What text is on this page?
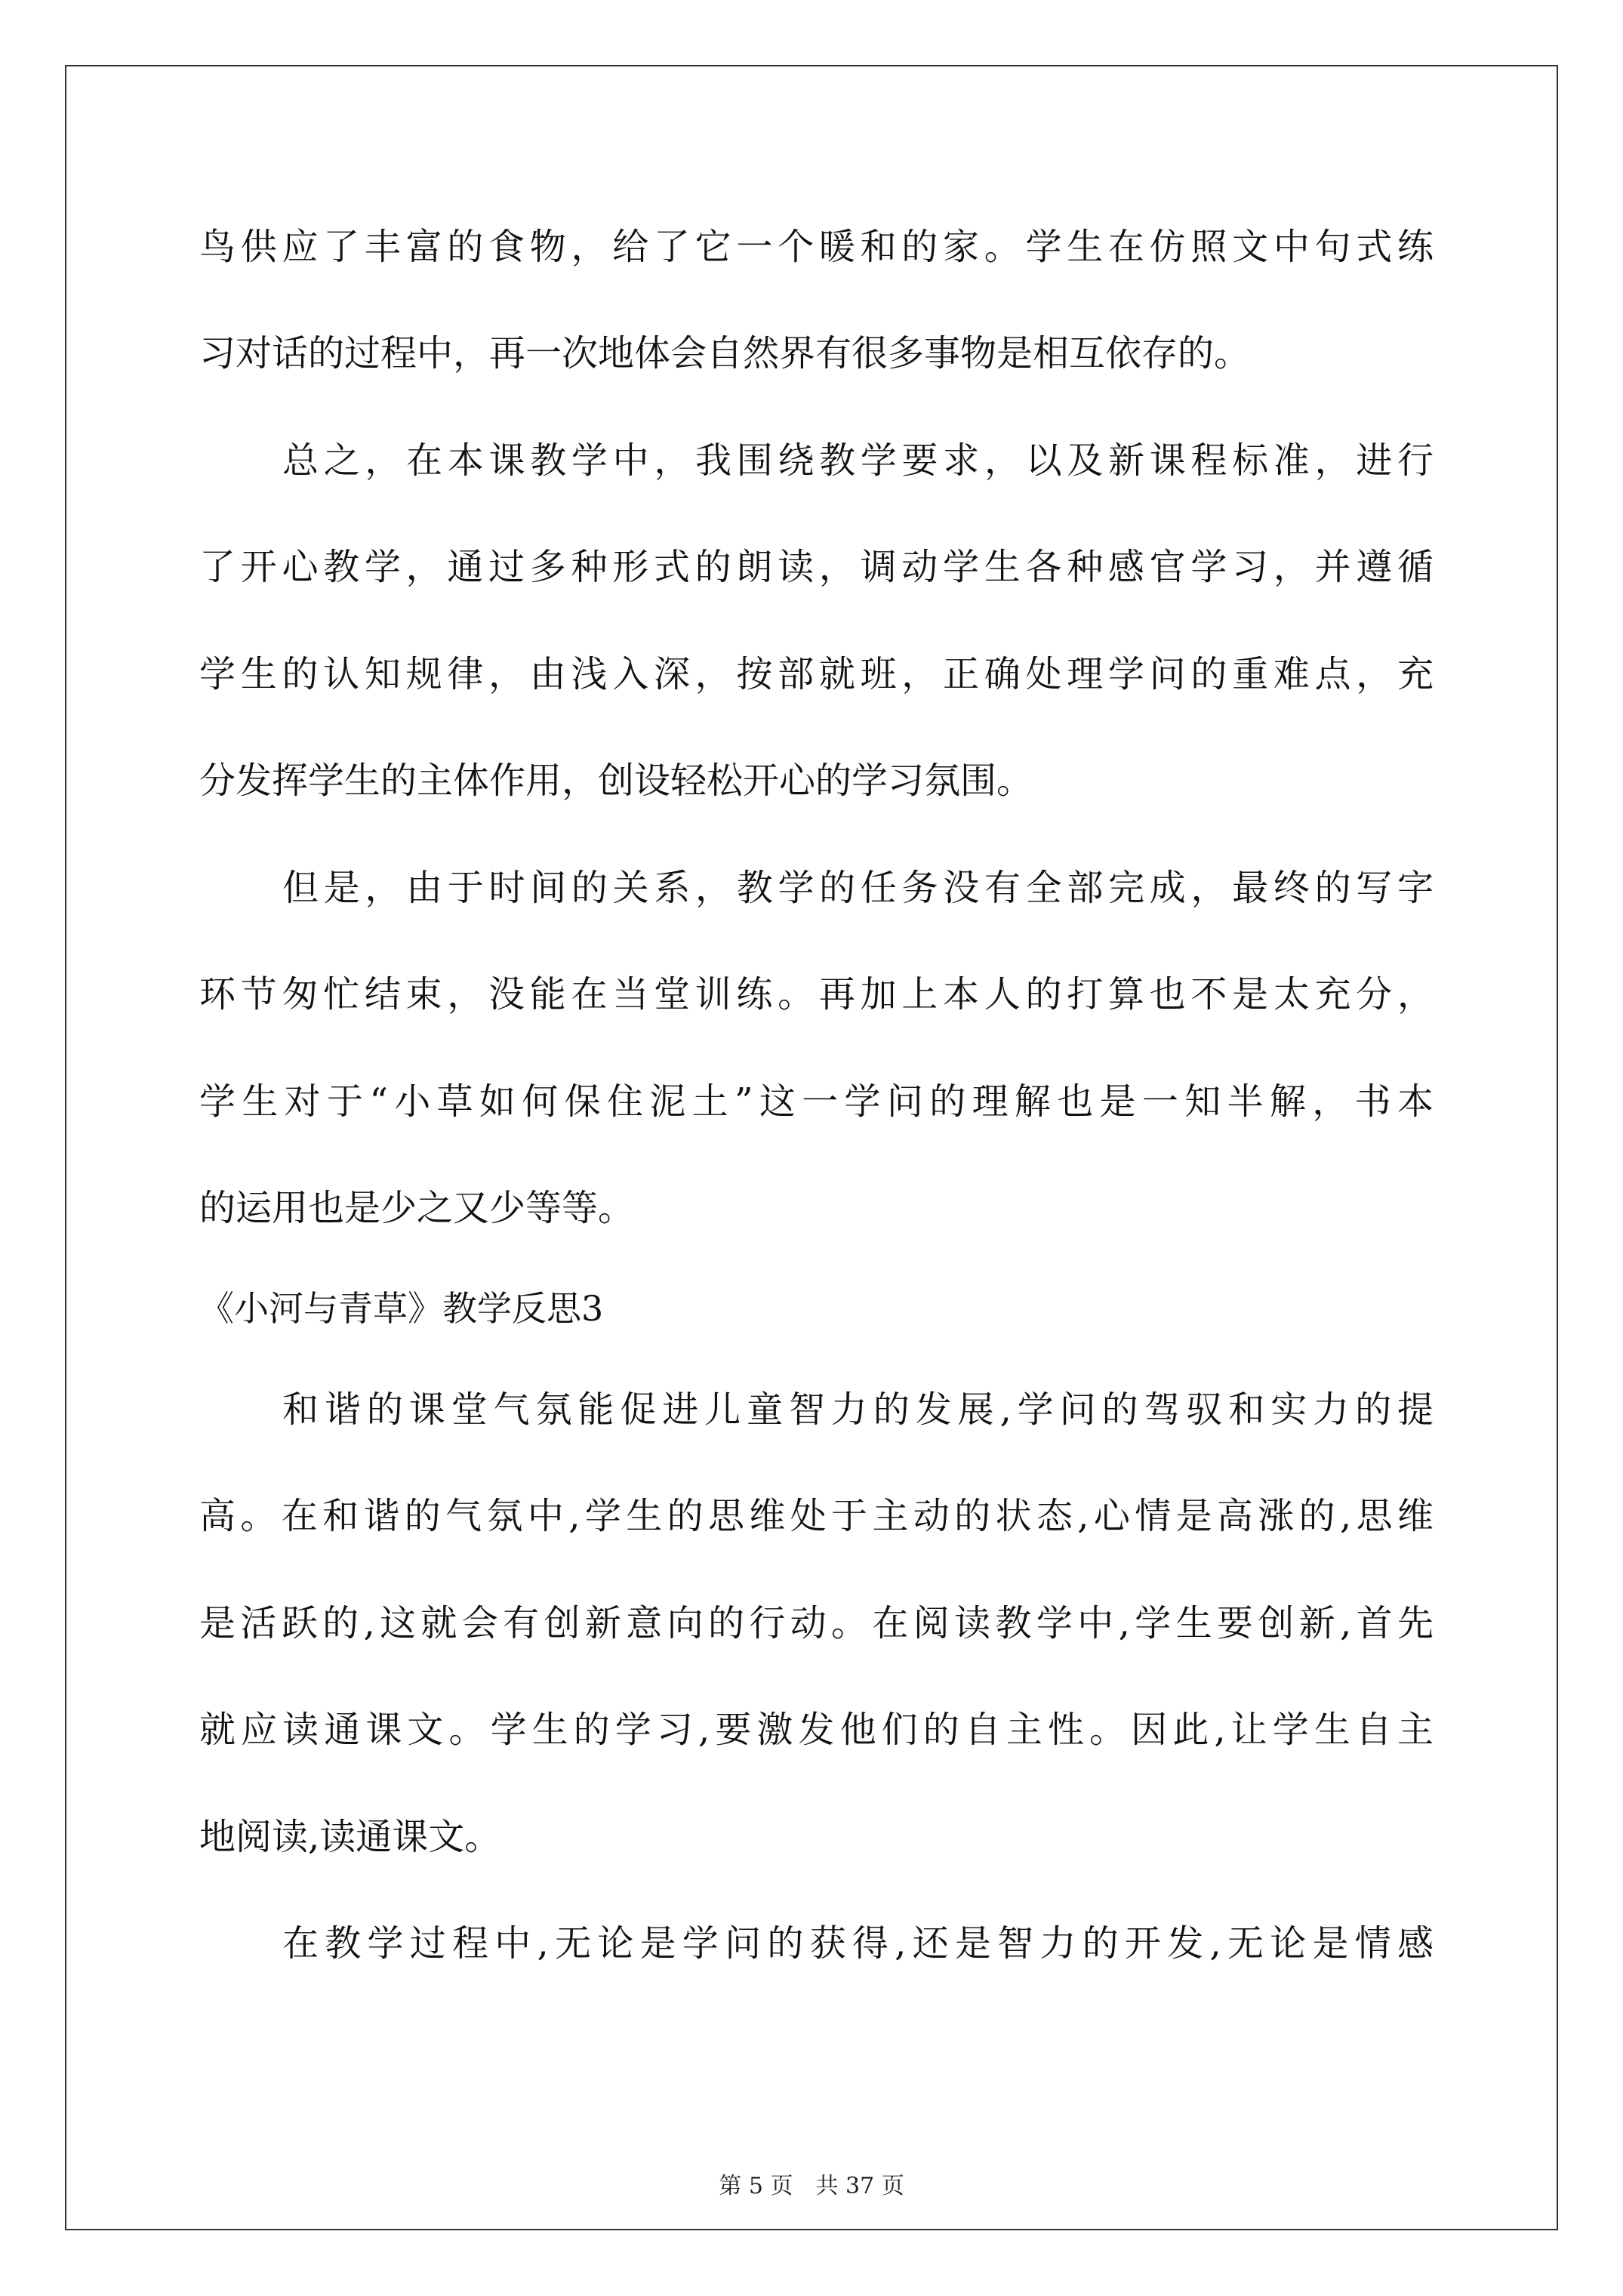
鸟供应了丰富的食物，给了它一个暖和的家。学生在仿照文中句式练
习对话的过程中，再一次地体会自然界有很多事物是相互依存的。
总之，在本课教学中，我围绕教学要求，以及新课程标准，进行
了开心教学，通过多种形式的朗读，调动学生各种感官学习，并遵循
学生的认知规律，由浅入深，按部就班，正确处理学问的重难点，充
分发挥学生的主体作用，创设轻松开心的学习氛围。
但是，由于时间的关系，教学的任务没有全部完成，最终的写字
环节匆忙结束，没能在当堂训练。再加上本人的打算也不是太充分，
学生对于“小草如何保住泥土”这一学问的理解也是一知半解，书本
的运用也是少之又少等等。
《小河与青草》教学反思3
和谐的课堂气氛能促进儿童智力的发展,学问的驾驭和实力的提
高。在和谐的气氛中,学生的思维处于主动的状态,心情是高涨的,思维
是活跃的,这就会有创新意向的行动。在阅读教学中,学生要创新,首先
就应读通课文。学生的学习,要激发他们的自主性。因此,让学生自主
地阅读,读通课文。
在教学过程中,无论是学问的获得,还是智力的开发,无论是情感
第 5 页　共 37 页
